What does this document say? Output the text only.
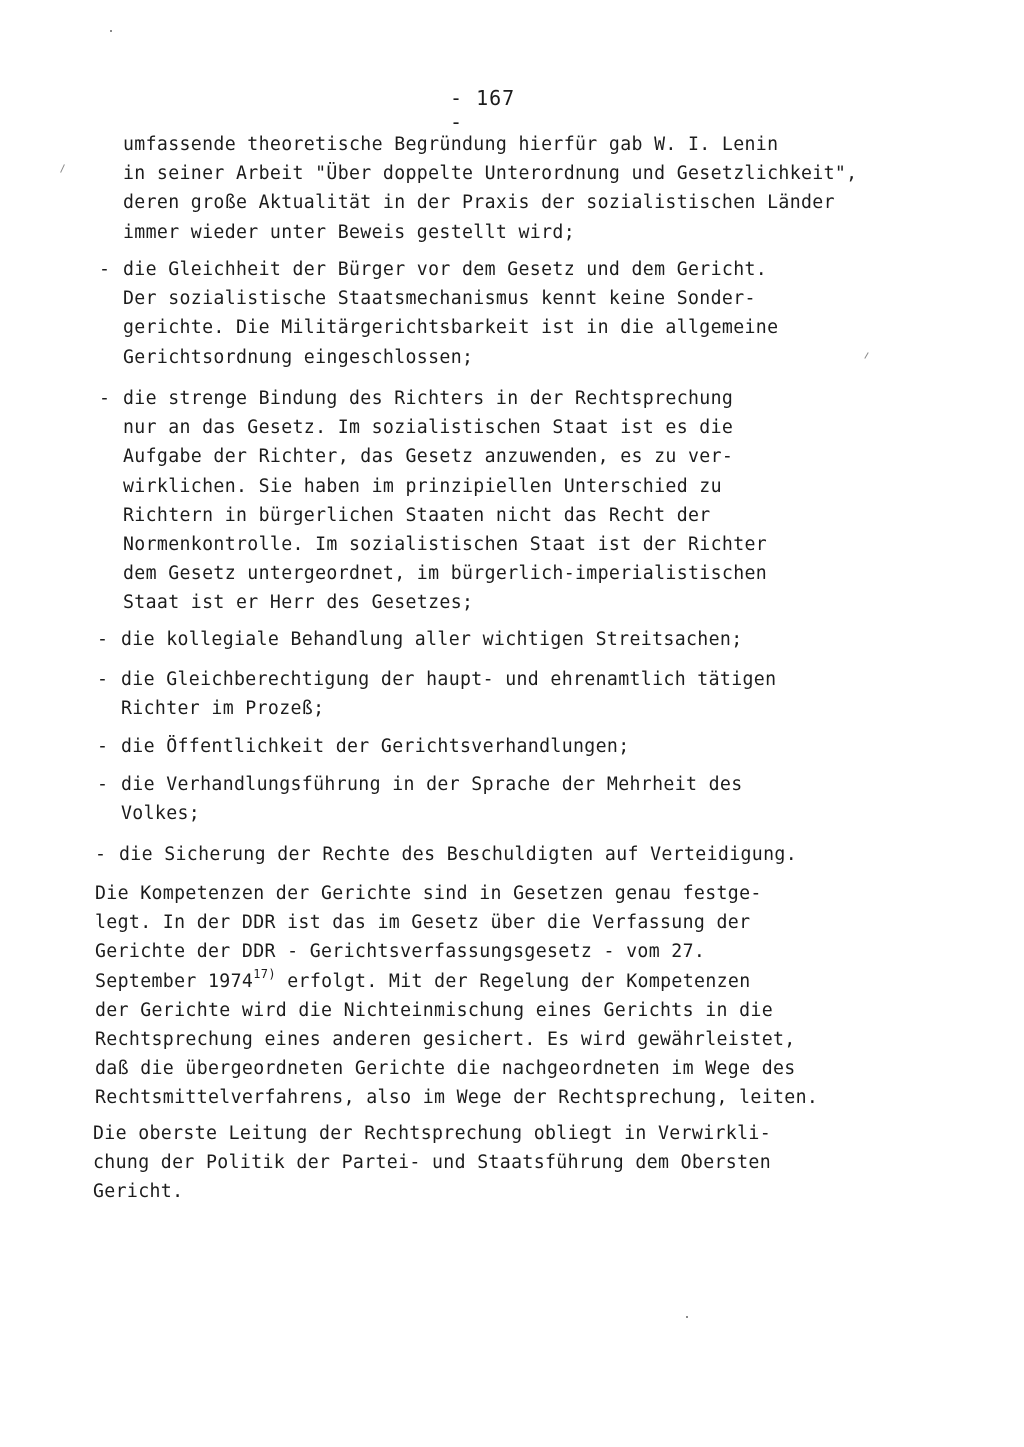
- 167 -
umfassende theoretische Begründung hierfür gab W. I. Lenin
in seiner Arbeit "Über doppelte Unterordnung und Gesetzlichkeit",
deren große Aktualität in der Praxis der sozialistischen Länder
immer wieder unter Beweis gestellt wird;
- die Gleichheit der Bürger vor dem Gesetz und dem Gericht.
Der sozialistische Staatsmechanismus kennt keine Sonder-
gerichte. Die Militärgerichtsbarkeit ist in die allgemeine
Gerichtsordnung eingeschlossen;
- die strenge Bindung des Richters in der Rechtsprechung
nur an das Gesetz. Im sozialistischen Staat ist es die
Aufgabe der Richter, das Gesetz anzuwenden, es zu ver-
wirklichen. Sie haben im prinzipiellen Unterschied zu
Richtern in bürgerlichen Staaten nicht das Recht der
Normenkontrolle. Im sozialistischen Staat ist der Richter
dem Gesetz untergeordnet, im bürgerlich-imperialistischen
Staat ist er Herr des Gesetzes;
- die kollegiale Behandlung aller wichtigen Streitsachen;
- die Gleichberechtigung der haupt- und ehrenamtlich tätigen
Richter im Prozeß;
- die Öffentlichkeit der Gerichtsverhandlungen;
- die Verhandlungsführung in der Sprache der Mehrheit des
Volkes;
- die Sicherung der Rechte des Beschuldigten auf Verteidigung.
Die Kompetenzen der Gerichte sind in Gesetzen genau festge-
legt. In der DDR ist das im Gesetz über die Verfassung der
Gerichte der DDR - Gerichtsverfassungsgesetz - vom 27.
September 1974$^{17)}$ erfolgt. Mit der Regelung der Kompetenzen
der Gerichte wird die Nichteinmischung eines Gerichts in die
Rechtsprechung eines anderen gesichert. Es wird gewährleistet,
daß die übergeordneten Gerichte die nachgeordneten im Wege des
Rechtsmittelverfahrens, also im Wege der Rechtsprechung, leiten.
Die oberste Leitung der Rechtsprechung obliegt in Verwirkli-
chung der Politik der Partei- und Staatsführung dem Obersten
Gericht.
